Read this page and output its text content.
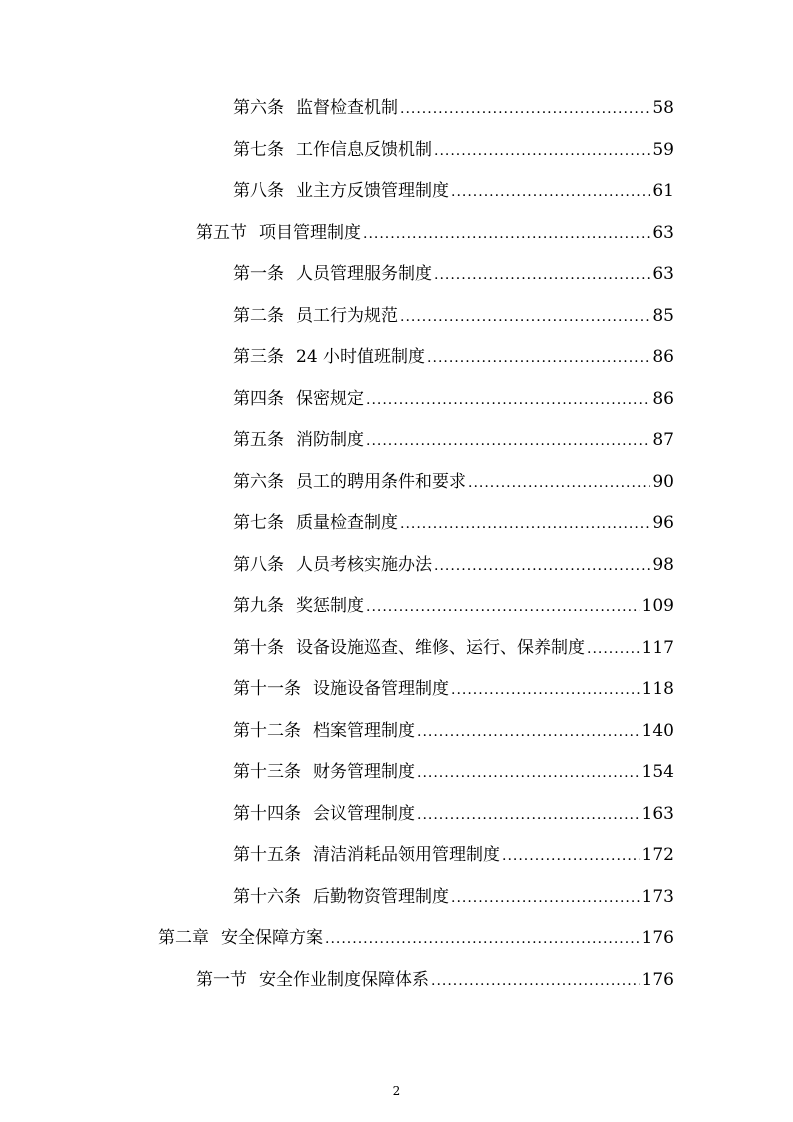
第六条 监督检查机制 .....	58
第七条 工作信息反馈机制 .....	59
第八条 业主方反馈管理制度 .....	61
第五节 项目管理制度 .....	63
第一条 人员管理服务制度 .....	63
第二条 员工行为规范 .....	85
第三条 24 小时值班制度 .....	86
第四条 保密规定 .....	86
第五条 消防制度 .....	87
第六条 员工的聘用条件和要求 .....	90
第七条 质量检查制度 .....	96
第八条 人员考核实施办法 .....	98
第九条 奖惩制度 .....	109
第十条 设备设施巡查、维修、运行、保养制度 .....	117
第十一条 设施设备管理制度 .....	118
第十二条 档案管理制度 .....	140
第十三条 财务管理制度 .....	154
第十四条 会议管理制度 .....	163
第十五条 清洁消耗品领用管理制度 .....	172
第十六条 后勤物资管理制度 .....	173
第二章 安全保障方案 .....	176
第一节 安全作业制度保障体系 .....	176
2
